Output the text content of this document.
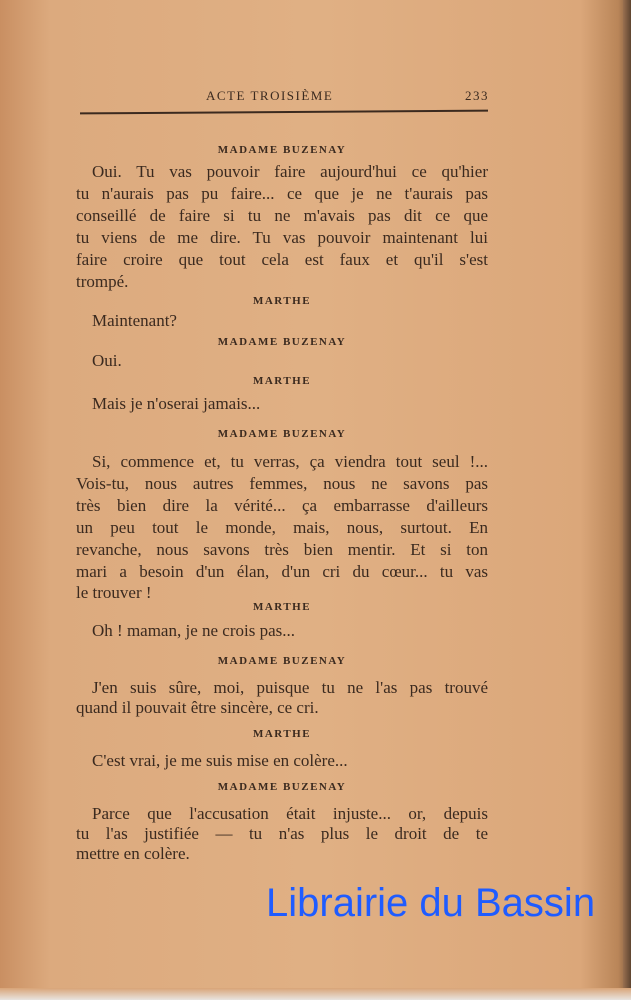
ACTE TROISIÈME	233
MADAME BUZENAY
Oui. Tu vas pouvoir faire aujourd'hui ce qu'hier
tu n'aurais pas pu faire... ce que je ne t'aurais pas
conseillé de faire si tu ne m'avais pas dit ce que
tu viens de me dire. Tu vas pouvoir maintenant lui
faire croire que tout cela est faux et qu'il s'est
trompé.
MARTHE
Maintenant?
MADAME BUZENAY
Oui.
MARTHE
Mais je n'oserai jamais...
MADAME BUZENAY
Si, commence et, tu verras, ça viendra tout seul !...
Vois-tu, nous autres femmes, nous ne savons pas
très bien dire la vérité... ça embarrasse d'ailleurs
un peu tout le monde, mais, nous, surtout. En
revanche, nous savons très bien mentir. Et si ton
mari a besoin d'un élan, d'un cri du cœur... tu vas
le trouver !
MARTHE
Oh ! maman, je ne crois pas...
MADAME BUZENAY
J'en suis sûre, moi, puisque tu ne l'as pas trouvé
quand il pouvait être sincère, ce cri.
MARTHE
C'est vrai, je me suis mise en colère...
MADAME BUZENAY
Parce que l'accusation était injuste... or, depuis
tu l'as justifiée — tu n'as plus le droit de te
mettre en colère.
Librairie du Bassin
